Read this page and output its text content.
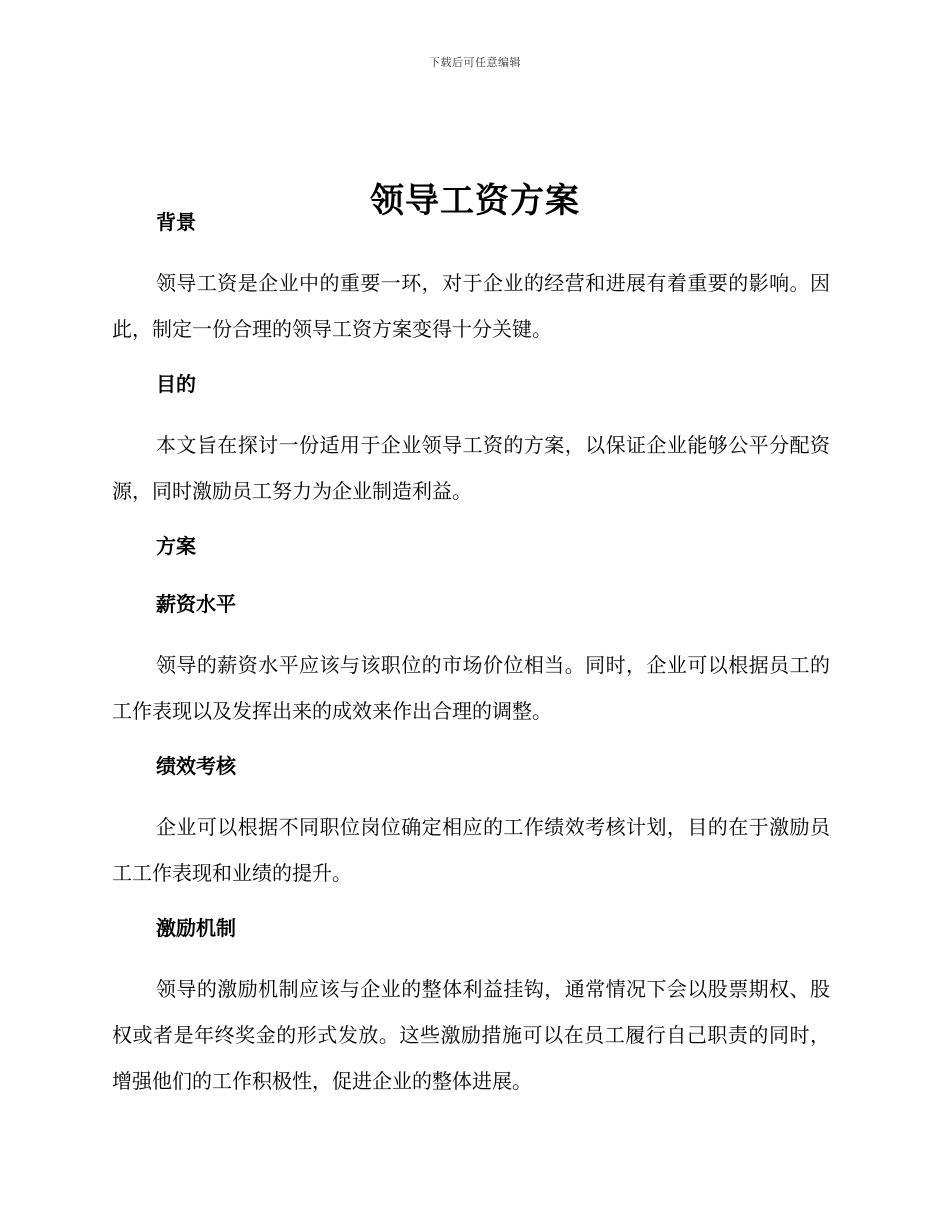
下载后可任意编辑
领导工资方案
背景

领导工资是企业中的重要一环，对于企业的经营和进展有着重要的影响。因此，制定一份合理的领导工资方案变得十分关键。

目的

本文旨在探讨一份适用于企业领导工资的方案，以保证企业能够公平分配资源，同时激励员工努力为企业制造利益。

方案
薪资水平

领导的薪资水平应该与该职位的市场价位相当。同时，企业可以根据员工的工作表现以及发挥出来的成效来作出合理的调整。

绩效考核

企业可以根据不同职位岗位确定相应的工作绩效考核计划，目的在于激励员工工作表现和业绩的提升。

激励机制

领导的激励机制应该与企业的整体利益挂钩，通常情况下会以股票期权、股权或者是年终奖金的形式发放。这些激励措施可以在员工履行自己职责的同时，增强他们的工作积极性，促进企业的整体进展。
